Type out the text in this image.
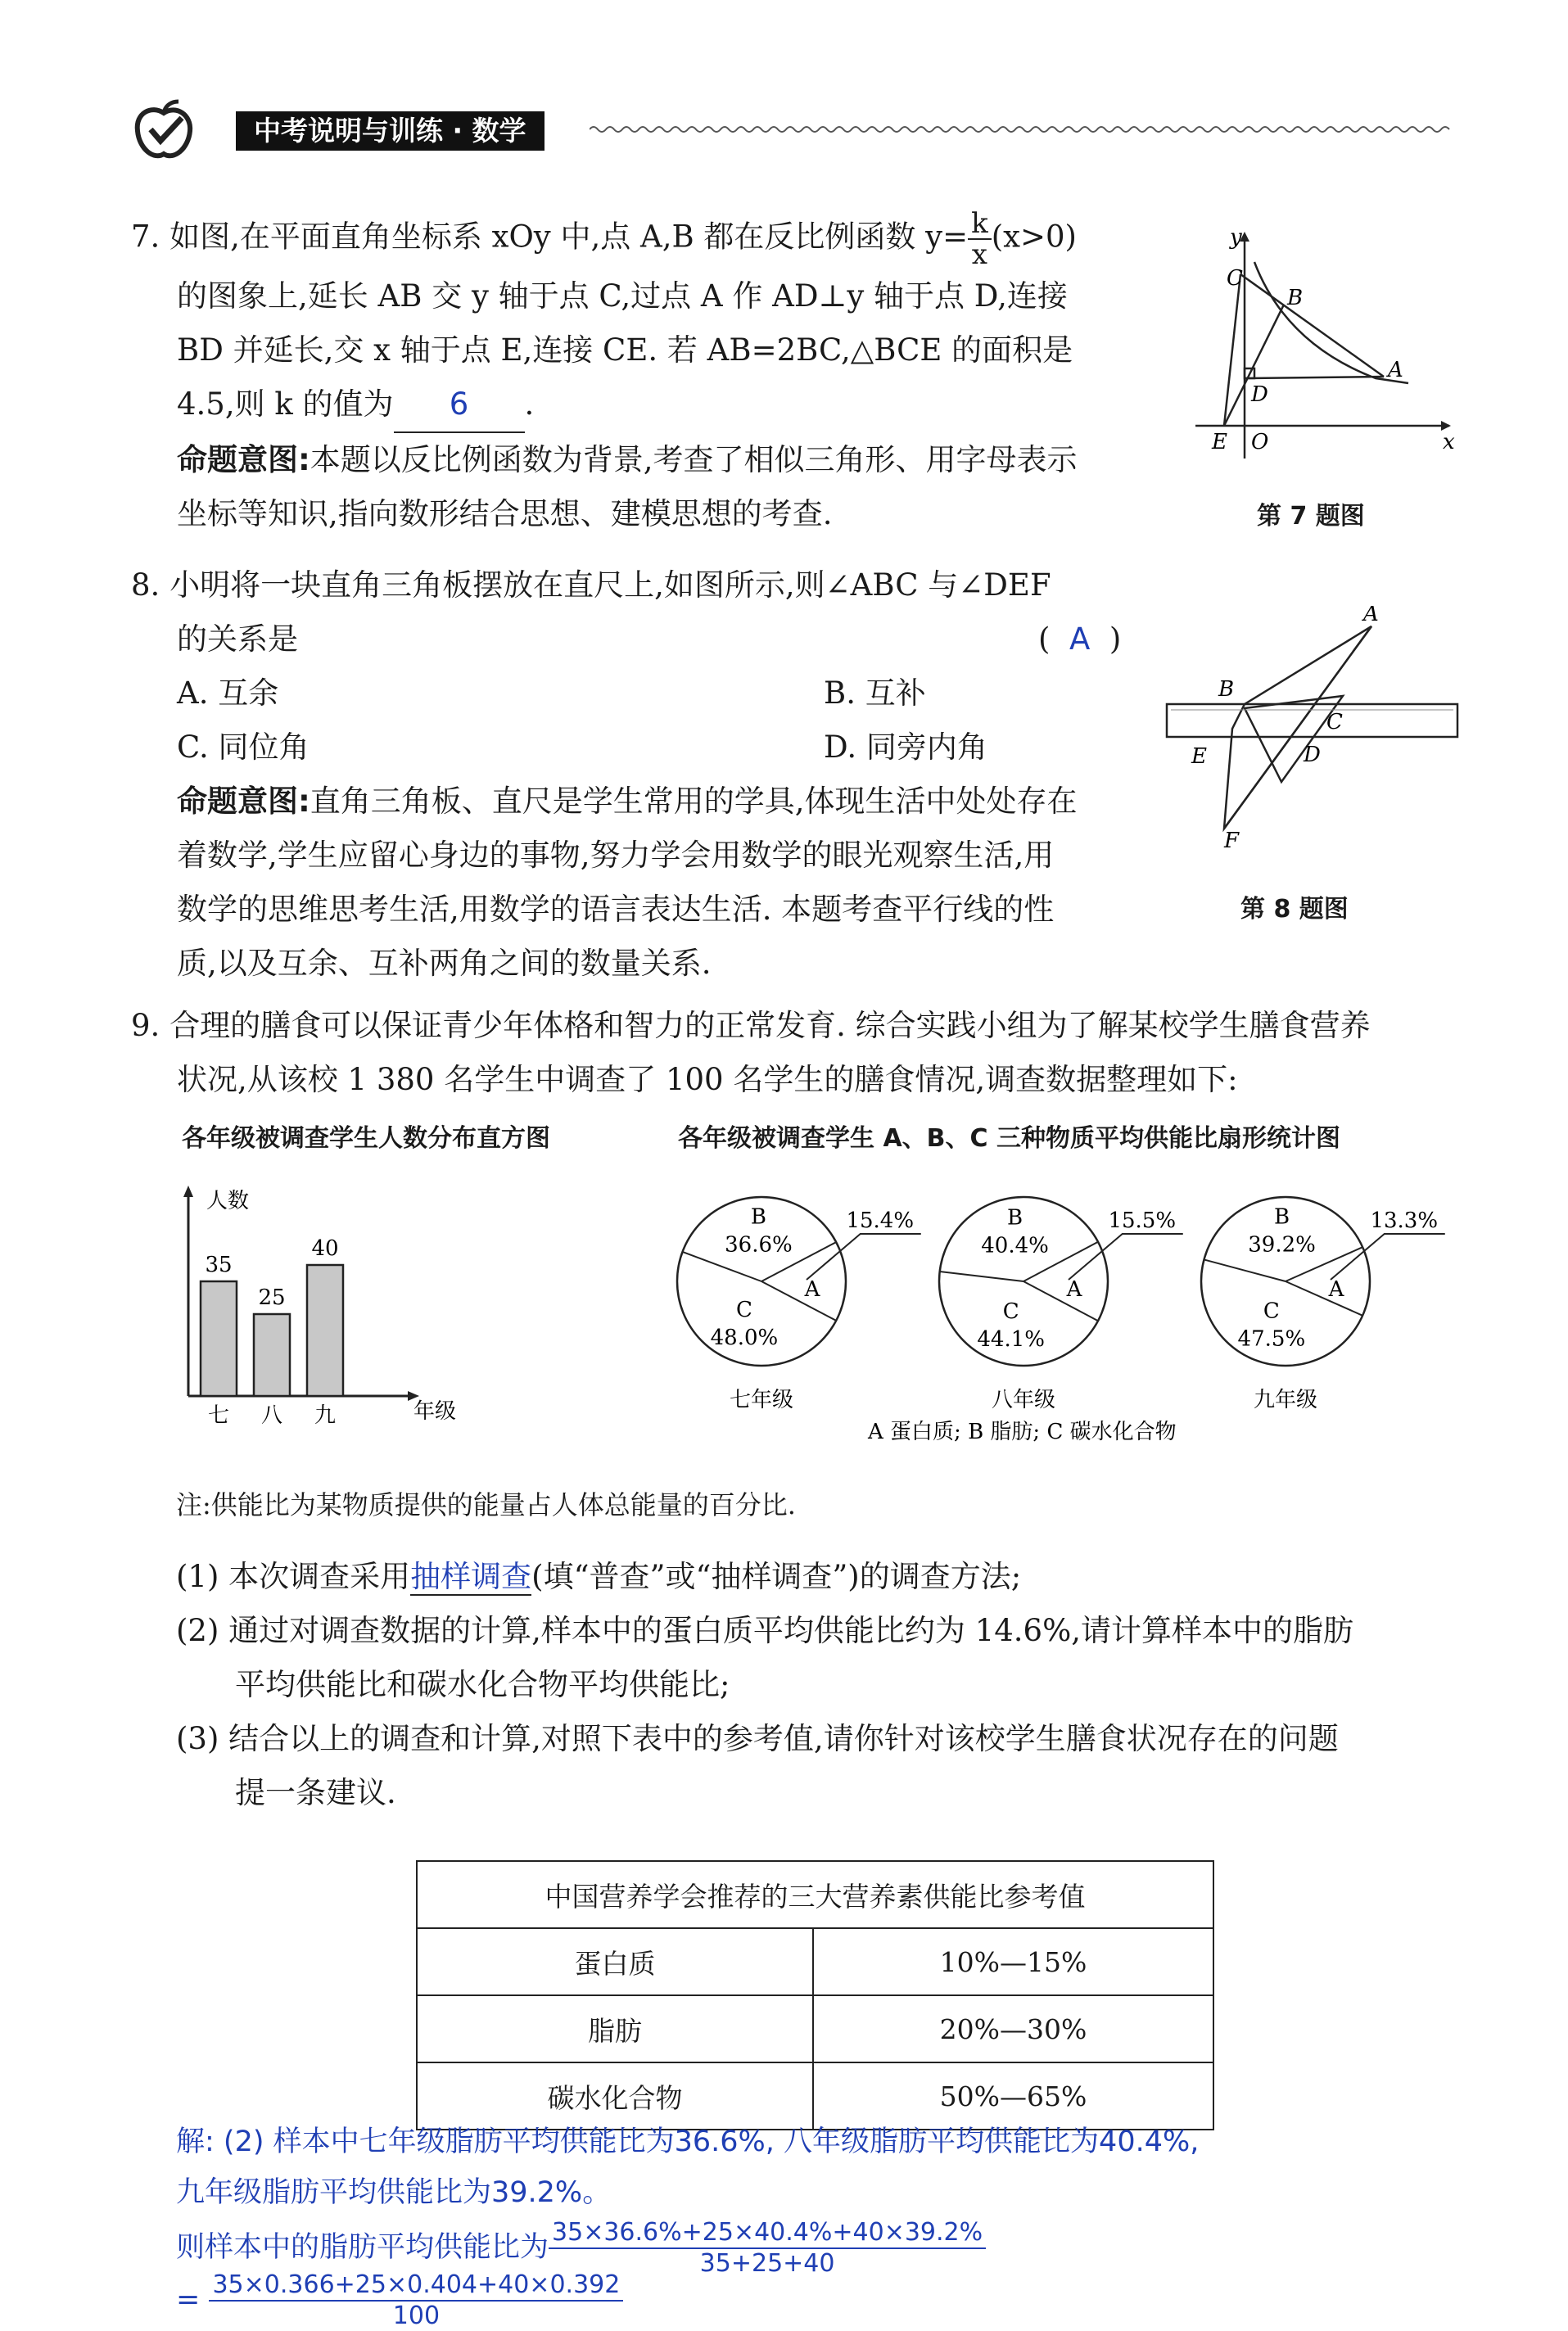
中考说明与训练 · 数学
7. 如图,在平面直角坐标系 xOy 中,点 A,B 都在反比例函数 $y= \frac{k}{x} (x>0)$
的图象上,延长 AB 交 y 轴于点 C,过点 A 作 AD⊥y 轴于点 D,连接
BD 并延长,交 x 轴于点 E,连接 CE. 若 AB=2BC,△BCE 的面积是
4.5,则 k 的值为 6 .
命题意图:本题以反比例函数为背景,考查了相似三角形、用字母表示
坐标等知识,指向数形结合思想、建模思想的考查.
y
x
C
B
A
D
E O
第 7 题图
8. 小明将一块直角三角板摆放在直尺上,如图所示,则∠ABC 与∠DEF
的关系是	( A )
A. 互余	B. 互补
C. 同位角	D. 同旁内角
命题意图:直角三角板、直尺是学生常用的学具,体现生活中处处存在
着数学,学生应留心身边的事物,努力学会用数学的眼光观察生活,用
数学的思维思考生活,用数学的语言表达生活. 本题考查平行线的性
质,以及互余、互补两角之间的数量关系.
A
B
C
D
E
F
第 8 题图
9. 合理的膳食可以保证青少年体格和智力的正常发育. 综合实践小组为了解某校学生膳食营养
状况,从该校 1 380 名学生中调查了 100 名学生的膳食情况,调查数据整理如下:
各年级被调查学生人数分布直方图	各年级被调查学生 A、B、C 三种物质平均供能比扇形统计图
人数
年级
35
七
25
八
40
九
A
B
36.6%
C
48.0%
15.4%
七年级
A
B
40.4%
C
44.1%
15.5%
八年级
A
B
39.2%
C
47.5%
13.3%
九年级
A 蛋白质; B 脂肪; C 碳水化合物
注:供能比为某物质提供的能量占人体总能量的百分比.
(1) 本次调查采用抽样调查(填“普查”或“抽样调查”)的调查方法;
(2) 通过对调查数据的计算,样本中的蛋白质平均供能比约为 14.6%,请计算样本中的脂肪
平均供能比和碳水化合物平均供能比;
(3) 结合以上的调查和计算,对照下表中的参考值,请你针对该校学生膳食状况存在的问题
提一条建议.
中国营养学会推荐的三大营养素供能比参考值	
蛋白质	10%—15%
脂肪	20%—30%
碳水化合物	50%—65%
解: (2) 样本中七年级脂肪平均供能比为36.6%, 八年级脂肪平均供能比为40.4%,
九年级脂肪平均供能比为39.2%。
则样本中的脂肪平均供能比为 $\frac{35\times 36.6\%+25\times 40.4\%+40\times 39.2\%}{35+25+40}$
= $\frac{35\times 0.366+25\times 0.404+40\times 0.392}{100}$
